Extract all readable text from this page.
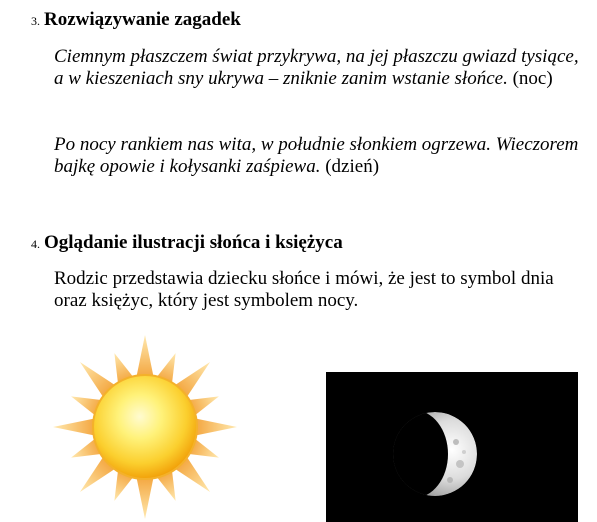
3. Rozwiązywanie zagadek
Ciemnym płaszczem świat przykrywa, na jej płaszczu gwiazd tysiące, a w kieszeniach sny ukrywa – zniknie zanim wstanie słońce. (noc)
Po nocy rankiem nas wita, w południe słonkiem ogrzewa. Wieczorem bajkę opowie i kołysanki zaśpiewa. (dzień)
4. Oglądanie ilustracji słońca i księżyca
Rodzic przedstawia dziecku słońce i mówi, że jest to symbol dnia oraz księżyc, który jest symbolem nocy.
